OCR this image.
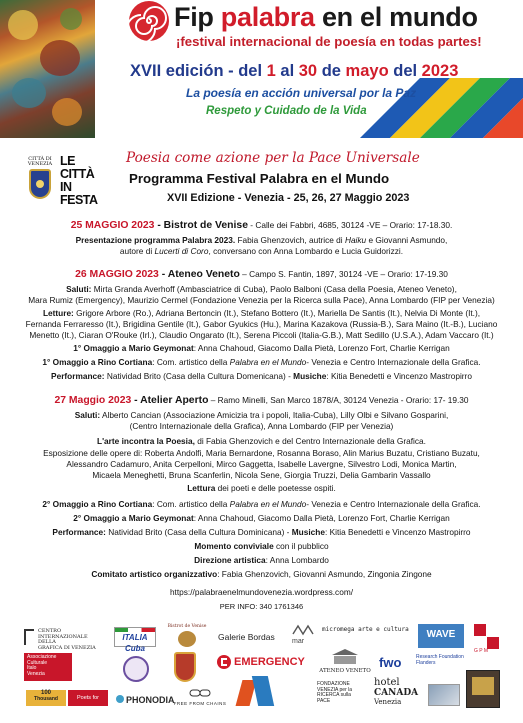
Fip palabra en el mundo
¡festival internacional de poesía en todas partes!
XVII edición - del 1 al 30 de mayo del 2023
La poesía en acción universal por la Paz
Respeto y Cuidado de la Vida
CITTÀ DI
VENEZIA LE
CITTÀ
IN
FESTA
Poesia come azione per la Pace Universale
Programma Festival Palabra en el Mundo
XVII Edizione - Venezia - 25, 26, 27 Maggio 2023
25 MAGGIO 2023 - Bistrot de Venise - Calle dei Fabbri, 4685, 30124 -VE – Orario: 17-18.30.
Presentazione programma Palabra 2023. Fabia Ghenzovich, autrice di Haiku e Giovanni Asmundo,
autore di Lucerti di Coro, conversano con Anna Lombardo e Lucia Guidorizzi.
26 MAGGIO 2023 - Ateneo Veneto – Campo S. Fantin, 1897, 30124 -VE – Orario: 17-19.30
Saluti: Mirta Granda Averhoff (Ambasciatrice di Cuba), Paolo Balboni (Casa della Poesia, Ateneo Veneto),
Mara Rumiz (Emergency), Maurizio Cermel (Fondazione Venezia per la Ricerca sulla Pace), Anna Lombardo (FIP per Venezia)
Letture: Grigore Arbore (Ro.), Adriana Bertoncin (It.), Stefano Bottero (It.), Mariella De Santis (It.), Nelvia Di Monte (It.),
Fernanda Ferraresso (It.), Brigidina Gentile (It.), Gabor Gyukics (Hu.), Marina Kazakova (Russia-B.), Sara Maino (It.-B.), Luciano
Menetto (It.), Ciaran O'Rouke (Irl.), Claudio Ongarato (It.), Serena Piccoli (Italia-G.B.), Matt Sedillo (U.S.A.), Adam Vaccaro (It.)
1° Omaggio a Mario Geymonat: Anna Chahoud, Giacomo Dalla Pietà, Lorenzo Fort, Charlie Kerrigan
1° Omaggio a Rino Cortiana: Com. artistico della Palabra en el Mundo- Venezia e Centro Internazionale della Grafica.
Performance: Natividad Brito (Casa della Cultura Domenicana) - Musiche: Kitia Benedetti e Vincenzo Mastropirro
27 Maggio 2023 - Atelier Aperto – Ramo Minelli, San Marco 1878/A, 30124 Venezia - Orario: 17- 19.30
Saluti: Alberto Cancian (Associazione Amicizia tra i popoli, Italia-Cuba), Lilly Olbi e Silvano Gosparini,
(Centro Internazionale della Grafica), Anna Lombardo (FIP per Venezia)
L'arte incontra la Poesia, di Fabia Ghenzovich e del Centro Internazionale della Grafica.
Esposizione delle opere di: Roberta Andolfi, Maria Bernardone, Rosanna Boraso, Alin Marius Buzatu, Cristiano Buzatu,
Alessandro Cadamuro, Anita Cerpelloni, Mirco Gaggetta, Isabelle Lavergne, Silvestro Lodi, Monica Martin,
Micaela Meneghetti, Bruna Scanferlin, Nicola Sene, Giorgia Truzzi, Delia Gambarin Vassallo
Lettura dei poeti e delle poetesse ospiti.
2° Omaggio a Rino Cortiana: Com. artistico della Palabra en el Mundo- Venezia e Centro Internazionale della Grafica.
2° Omaggio a Mario Geymonat: Anna Chahoud, Giacomo Dalla Pietà, Lorenzo Fort, Charlie Kerrigan
Performance: Natividad Brito (Casa della Cultura Dominicana) - Musiche: Kitia Benedetti e Vincenzo Mastropirro
Momento conviviale con il pubblico
Direzione artistica: Anna Lombardo
Comitato artistico organizzativo: Fabia Ghenzovich, Giovanni Asmundo, Zingonia Zingone
https://palabraenelmundovenezia.wordpress.com/
PER INFO: 340 1761346
CENTRO
INTERNAZIONALE DELLA
GRAFICA DI VENEZIA
ITALIA Cuba
Bistrot de Venise
Galerie Bordas	mar
micromega arte e cultura	WAVE
G P M
Associazione
Culturale
Italo
Venezia
EMERGENCY
ATENEO VENETO
fwo	Research Foundation
Flanders
100
Thousand	Poets for Change
PHONODIA FREE FROM CHAINS
FONDAZIONE
VENEZIA per la
RICERCA sulla
PACE
hotel
CANADA
Venezia
